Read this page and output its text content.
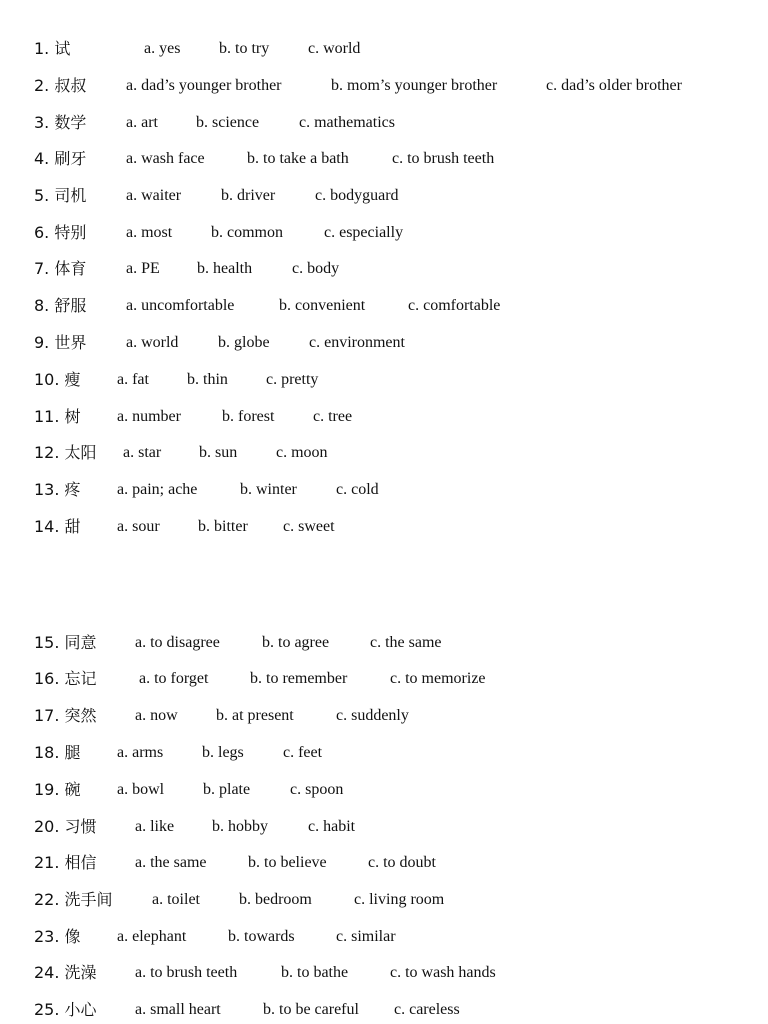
1. 试	a. yes b. to try c. world
2. 叔叔 a. dad’s younger brother	b. mom’s younger brother	c. dad’s older brother
3. 数学 a. art b. science c. mathematics
4. 刷牙 a. wash face	b. to take a bath	c. to brush teeth
5. 司机 a. waiter b. driver c. bodyguard
6. 特别 a. most b. common	c. especially
7. 体育 a. PE b. health c. body
8. 舒服 a. uncomfortable	b. convenient	c. comfortable
9. 世界 a. world b. globe c. environment
10. 瘦 a. fat b. thin c. pretty
11. 树 a. number	b. forest c. tree
12. 太阳 a. star b. sun c. moon
13. 疼 a. pain; ache	b. winter c. cold
14. 甜 a. sour b. bitter c. sweet
15. 同意 a. to disagree	b. to agree	c. the same
16. 忘记	a. to forget	b. to remember	c. to memorize
17. 突然 a. now b. at present	c. suddenly
18. 腿 a. arms b. legs c. feet
19. 碗 a. bowl b. plate c. spoon
20. 习惯 a. like b. hobby	c. habit
21. 相信 a. the same	b. to believe	c. to doubt
22. 洗手间 a. toilet b. bedroom	c. living room
23. 像 a. elephant	b. towards	c. similar
24. 洗澡 a. to brush teeth	b. to bathe	c. to wash hands
25. 小心 a. small heart	b. to be careful c. careless
